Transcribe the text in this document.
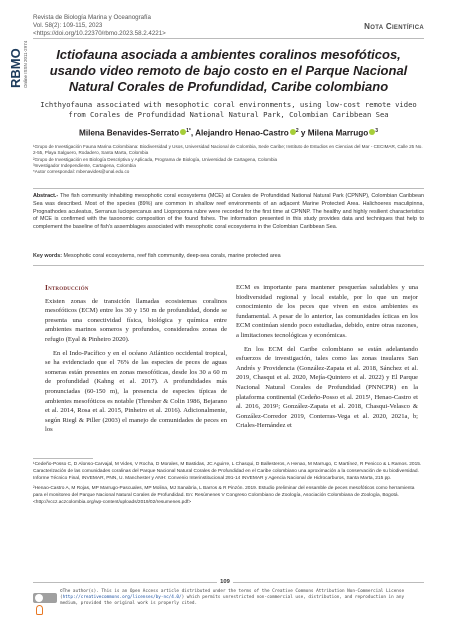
RBMO Online ISSN 2011-2974
Revista de Biología Marina y Oceanografía
Vol. 58(2): 109-115, 2023
<https://doi.org/10.22370/rbmo.2023.58.2.4221>
Nota Científica
Ictiofauna asociada a ambientes coralinos mesofóticos, usando video remoto de bajo costo en el Parque Nacional Natural Corales de Profundidad, Caribe colombiano
Ichthyofauna associated with mesophotic coral environments, using low-cost remote video from Corales de Profundidad National Natural Park, Colombian Caribbean Sea
Milena Benavides-Serrato $^{1*}$, Alejandro Henao-Castro $^2$ y Milena Marrugo $^3$
¹Grupo de Investigación Fauna Marina Colombiana: Biodiversidad y Usos, Universidad Nacional de Colombia, Sede Caribe; Instituto de Estudios en Ciencias del Mar - CECIMAR, Calle 25 No. 2-55, Playa Salguero, Rodadero, Santa Marta, Colombia
²Grupo de Investigación en Biología Descriptiva y Aplicada, Programa de Biología, Universidad de Cartagena, Colombia
³Investigador Independiente, Cartagena, Colombia
*Autor correspondal: mbenavides@unal.edu.co
Abstract.- The fish community inhabiting mesophotic coral ecosystems (MCE) at Corales de Profundidad National Natural Park (CPNNP), Colombian Caribbean Sea was described. Most of the species (89%) are common in shallow reef environments of an adjacent Marine Protected Area. Halichoeres maculipinna, Prognathodes aculeatus, Serranus luciopercanus and Liopropoma rubre were recorded for the first time at CPNNP. The healthy and highly resilient characteristics of MCE is confirmed with the taxonomic composition of the found fishes. The information presented in this study provides data and techniques that help to complement the baseline of fish's assemblages associated with mesophotic coral ecosystems in the Colombian Caribbean Sea.
Key words: Mesophotic coral ecosystems, reef fish community, deep-sea corals, marine protected area
Introducción

Existen zonas de transición llamadas ecosistemas coralinos mesofóticos (ECM) entre los 30 y 150 m de profundidad, donde se presenta una conectividad física, biológica y química entre ambientes marinos someros y profundos, considerados zonas de refugio (Eyal & Pinheiro 2020).

En el Indo-Pacífico y en el océano Atlántico occidental tropical, se ha evidenciado que el 76% de las especies de peces de aguas someras están presentes en zonas mesofóticas, desde los 30 a 60 m de profundidad (Kahng et al. 2017). A profundidades más pronunciadas (60-150 m), la presencia de especies típicas de ambientes mesofóticos es notable (Thresher & Colin 1986, Bejarano et al. 2014, Rosa et al. 2015, Pinheiro et al. 2016). Adicionalmente, según Riegl & Piller (2003) el manejo de comunidades de peces en los

ECM es importante para mantener pesquerías saludables y una biodiversidad regional y local estable, por lo que un mejor conocimiento de los peces que viven en estos ambientes es fundamental. A pesar de lo anterior, las comunidades ícticas en los ECM continúan siendo poco estudiadas, debido, entre otras razones, a limitaciones tecnológicas y económicas.

En los ECM del Caribe colombiano se están adelantando esfuerzos de investigación, tales como las zonas insulares San Andrés y Providencia (González-Zapata et al. 2018, Sánchez et al. 2019, Chasqui et al. 2020, Mejía-Quintero et al. 2022) y El Parque Nacional Natural Corales de Profundidad (PNNCPR) en la plataforma continental (Cedeño-Posso et al. 2015¹, Henao-Castro et al. 2016, 2019²; González-Zapata et al. 2018, Chasqui-Velasco & González-Corredor 2019, Conterras-Vega et al. 2020, 2021a, b; Criales-Hernández et

¹Cedeño-Posso C, D Alonso-Carvajal, M Vides, V Rocha, D Morales, M Bastidas, JC Aguirre, L Chasqui, D Ballesteros, A Henao, M Marrugo, C Martínez, R Penicco & L Ramos. 2015. Caracterización de las comunidades coralinas del Parque Nacional Natural Corales de Profundidad en el Caribe colombiano una aproximación a la conservación de su biodiversidad. Informe Técnico Final, INVEMAR, PNN, U. Manchester y ANH: Convenio Interinstitucional 291-14 INVEMAR y Agencia Nacional de Hidrocarburos, Santa Marta, 215 pp.

²Henao-Castro A, M Rojas, MP Marrugo-Pascuales, MP Molina, MJ Sanabria, L Barros & R Pinzón. 2019. Estudio preliminar del ensamble de peces mesofóticos como herramienta para el monitoreo del Parque Nacional Natural Corales de Profundidad. En: Resúmenes V Congreso Colombiano de Zoología, Asociación Colombiana de Zoología, Bogotá. <http://vccz.aczcolombia.org/wp-content/uploads/2019/02/resumenes.pdf>

109
©The author(s). This is an Open Access article distributed under the terms of the Creative Commons Attribution Non-Commercial License (http://creativecommons.org/licenses/by-nc/4.0/) which permits unrestricted non-commercial use, distribution, and reproduction in any medium, provided the original work is properly cited.
